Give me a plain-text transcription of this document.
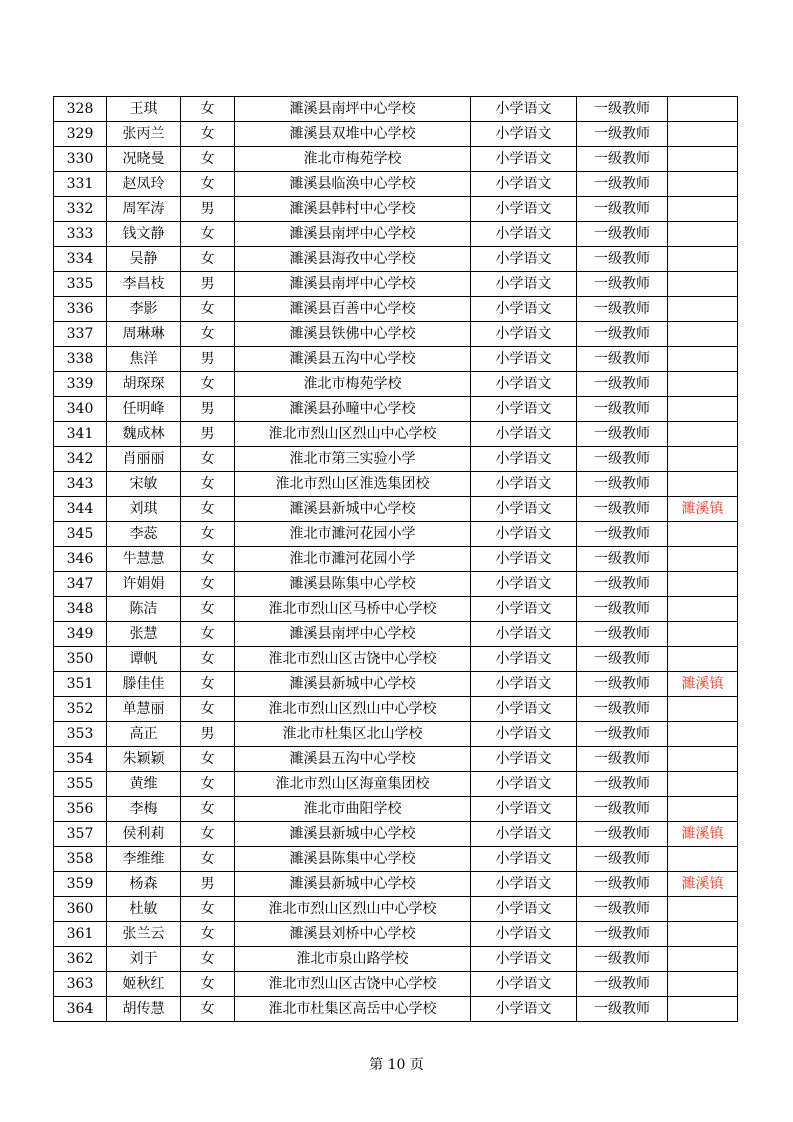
328	王琪	女	濉溪县南坪中心学校	小学语文	一级教师	
329	张丙兰	女	濉溪县双堆中心学校	小学语文	一级教师	
330	况晓曼	女	淮北市梅苑学校	小学语文	一级教师	
331	赵凤玲	女	濉溪县临涣中心学校	小学语文	一级教师	
332	周军涛	男	濉溪县韩村中心学校	小学语文	一级教师	
333	钱文静	女	濉溪县南坪中心学校	小学语文	一级教师	
334	吴静	女	濉溪县海孜中心学校	小学语文	一级教师	
335	李昌枝	男	濉溪县南坪中心学校	小学语文	一级教师	
336	李影	女	濉溪县百善中心学校	小学语文	一级教师	
337	周琳琳	女	濉溪县铁佛中心学校	小学语文	一级教师	
338	焦洋	男	濉溪县五沟中心学校	小学语文	一级教师	
339	胡琛琛	女	淮北市梅苑学校	小学语文	一级教师	
340	任明峰	男	濉溪县孙疃中心学校	小学语文	一级教师	
341	魏成林	男	淮北市烈山区烈山中心学校	小学语文	一级教师	
342	肖丽丽	女	淮北市第三实验小学	小学语文	一级教师	
343	宋敏	女	淮北市烈山区淮选集团校	小学语文	一级教师	
344	刘琪	女	濉溪县新城中心学校	小学语文	一级教师	濉溪镇
345	李蕊	女	淮北市濉河花园小学	小学语文	一级教师	
346	牛慧慧	女	淮北市濉河花园小学	小学语文	一级教师	
347	许娟娟	女	濉溪县陈集中心学校	小学语文	一级教师	
348	陈洁	女	淮北市烈山区马桥中心学校	小学语文	一级教师	
349	张慧	女	濉溪县南坪中心学校	小学语文	一级教师	
350	谭帆	女	淮北市烈山区古饶中心学校	小学语文	一级教师	
351	滕佳佳	女	濉溪县新城中心学校	小学语文	一级教师	濉溪镇
352	单慧丽	女	淮北市烈山区烈山中心学校	小学语文	一级教师	
353	高正	男	淮北市杜集区北山学校	小学语文	一级教师	
354	朱颖颖	女	濉溪县五沟中心学校	小学语文	一级教师	
355	黄维	女	淮北市烈山区海童集团校	小学语文	一级教师	
356	李梅	女	淮北市曲阳学校	小学语文	一级教师	
357	侯利莉	女	濉溪县新城中心学校	小学语文	一级教师	濉溪镇
358	李维维	女	濉溪县陈集中心学校	小学语文	一级教师	
359	杨森	男	濉溪县新城中心学校	小学语文	一级教师	濉溪镇
360	杜敏	女	淮北市烈山区烈山中心学校	小学语文	一级教师	
361	张兰云	女	濉溪县刘桥中心学校	小学语文	一级教师	
362	刘于	女	淮北市泉山路学校	小学语文	一级教师	
363	姬秋红	女	淮北市烈山区古饶中心学校	小学语文	一级教师	
364	胡传慧	女	淮北市杜集区高岳中心学校	小学语文	一级教师	
第 10 页
